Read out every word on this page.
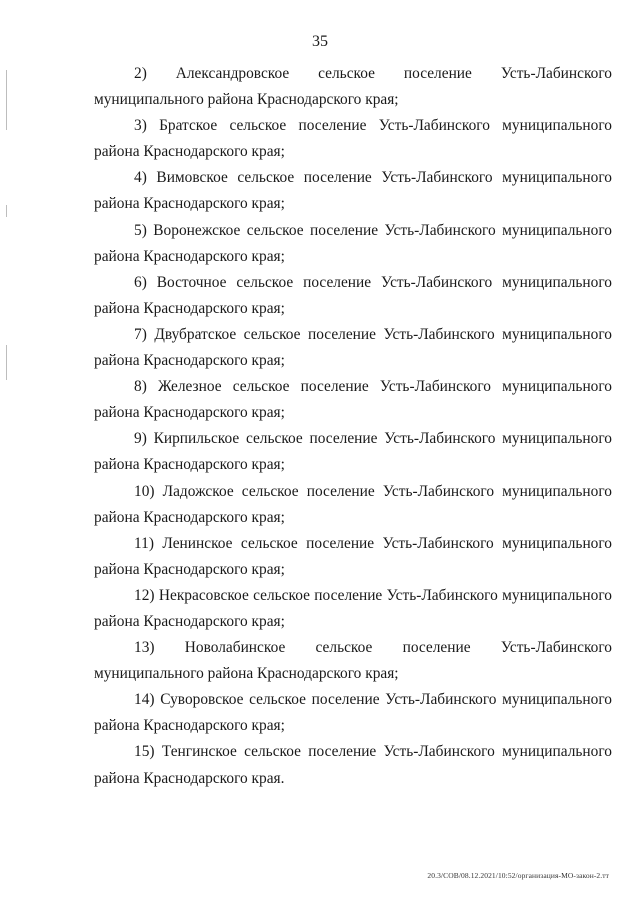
35

2) Александровское сельское поселение Усть-Лабинского муниципального района Краснодарского края;

3) Братское сельское поселение Усть-Лабинского муниципального района Краснодарского края;

4) Вимовское сельское поселение Усть-Лабинского муниципального района Краснодарского края;

5) Воронежское сельское поселение Усть-Лабинского муниципального района Краснодарского края;

6) Восточное сельское поселение Усть-Лабинского муниципального района Краснодарского края;

7) Двубратское сельское поселение Усть-Лабинского муниципального района Краснодарского края;

8) Железное сельское поселение Усть-Лабинского муниципального района Краснодарского края;

9) Кирпильское сельское поселение Усть-Лабинского муниципального района Краснодарского края;

10) Ладожское сельское поселение Усть-Лабинского муниципального района Краснодарского края;

11) Ленинское сельское поселение Усть-Лабинского муниципального района Краснодарского края;

12) Некрасовское сельское поселение Усть-Лабинского муниципального района Краснодарского края;

13) Новолабинское сельское поселение Усть-Лабинского муниципального района Краснодарского края;

14) Суворовское сельское поселение Усть-Лабинского муниципального района Краснодарского края;

15) Тенгинское сельское поселение Усть-Лабинского муниципального района Краснодарского края.

20.3/СОВ/08.12.2021/10:52/организация-МО-закон-2.тт
